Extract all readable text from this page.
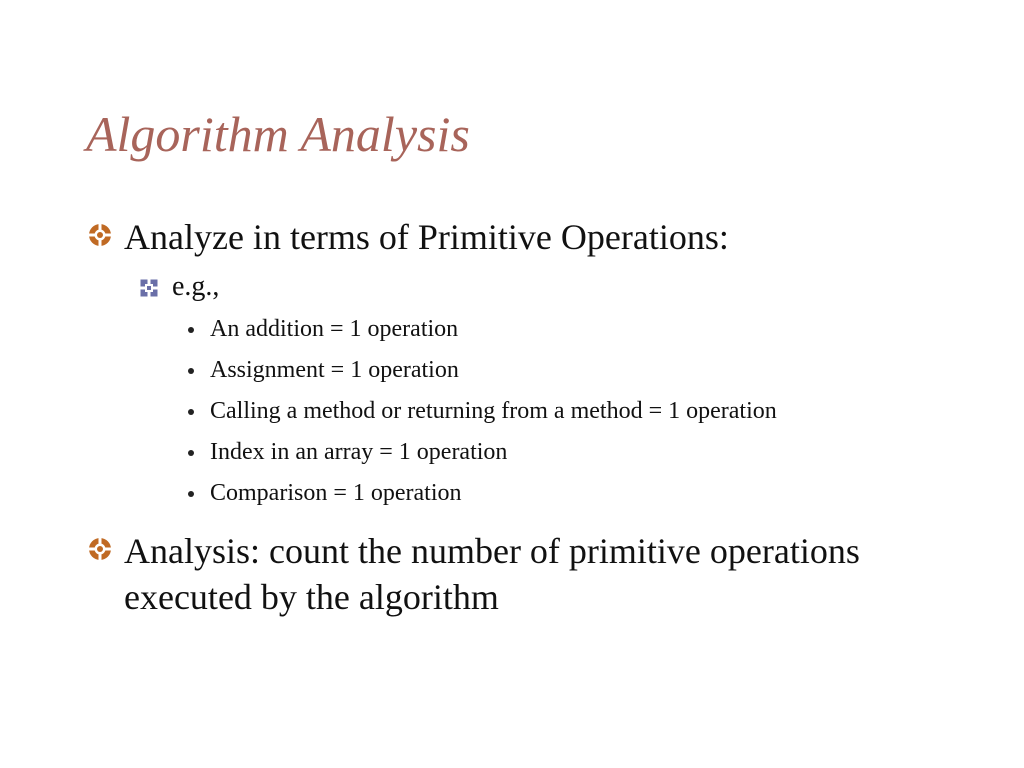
Algorithm Analysis
Analyze in terms of Primitive Operations:
e.g.,
An addition = 1 operation
Assignment = 1 operation
Calling a method or returning from a method = 1 operation
Index in an array = 1 operation
Comparison = 1 operation
Analysis: count the number of primitive operations executed by the algorithm
